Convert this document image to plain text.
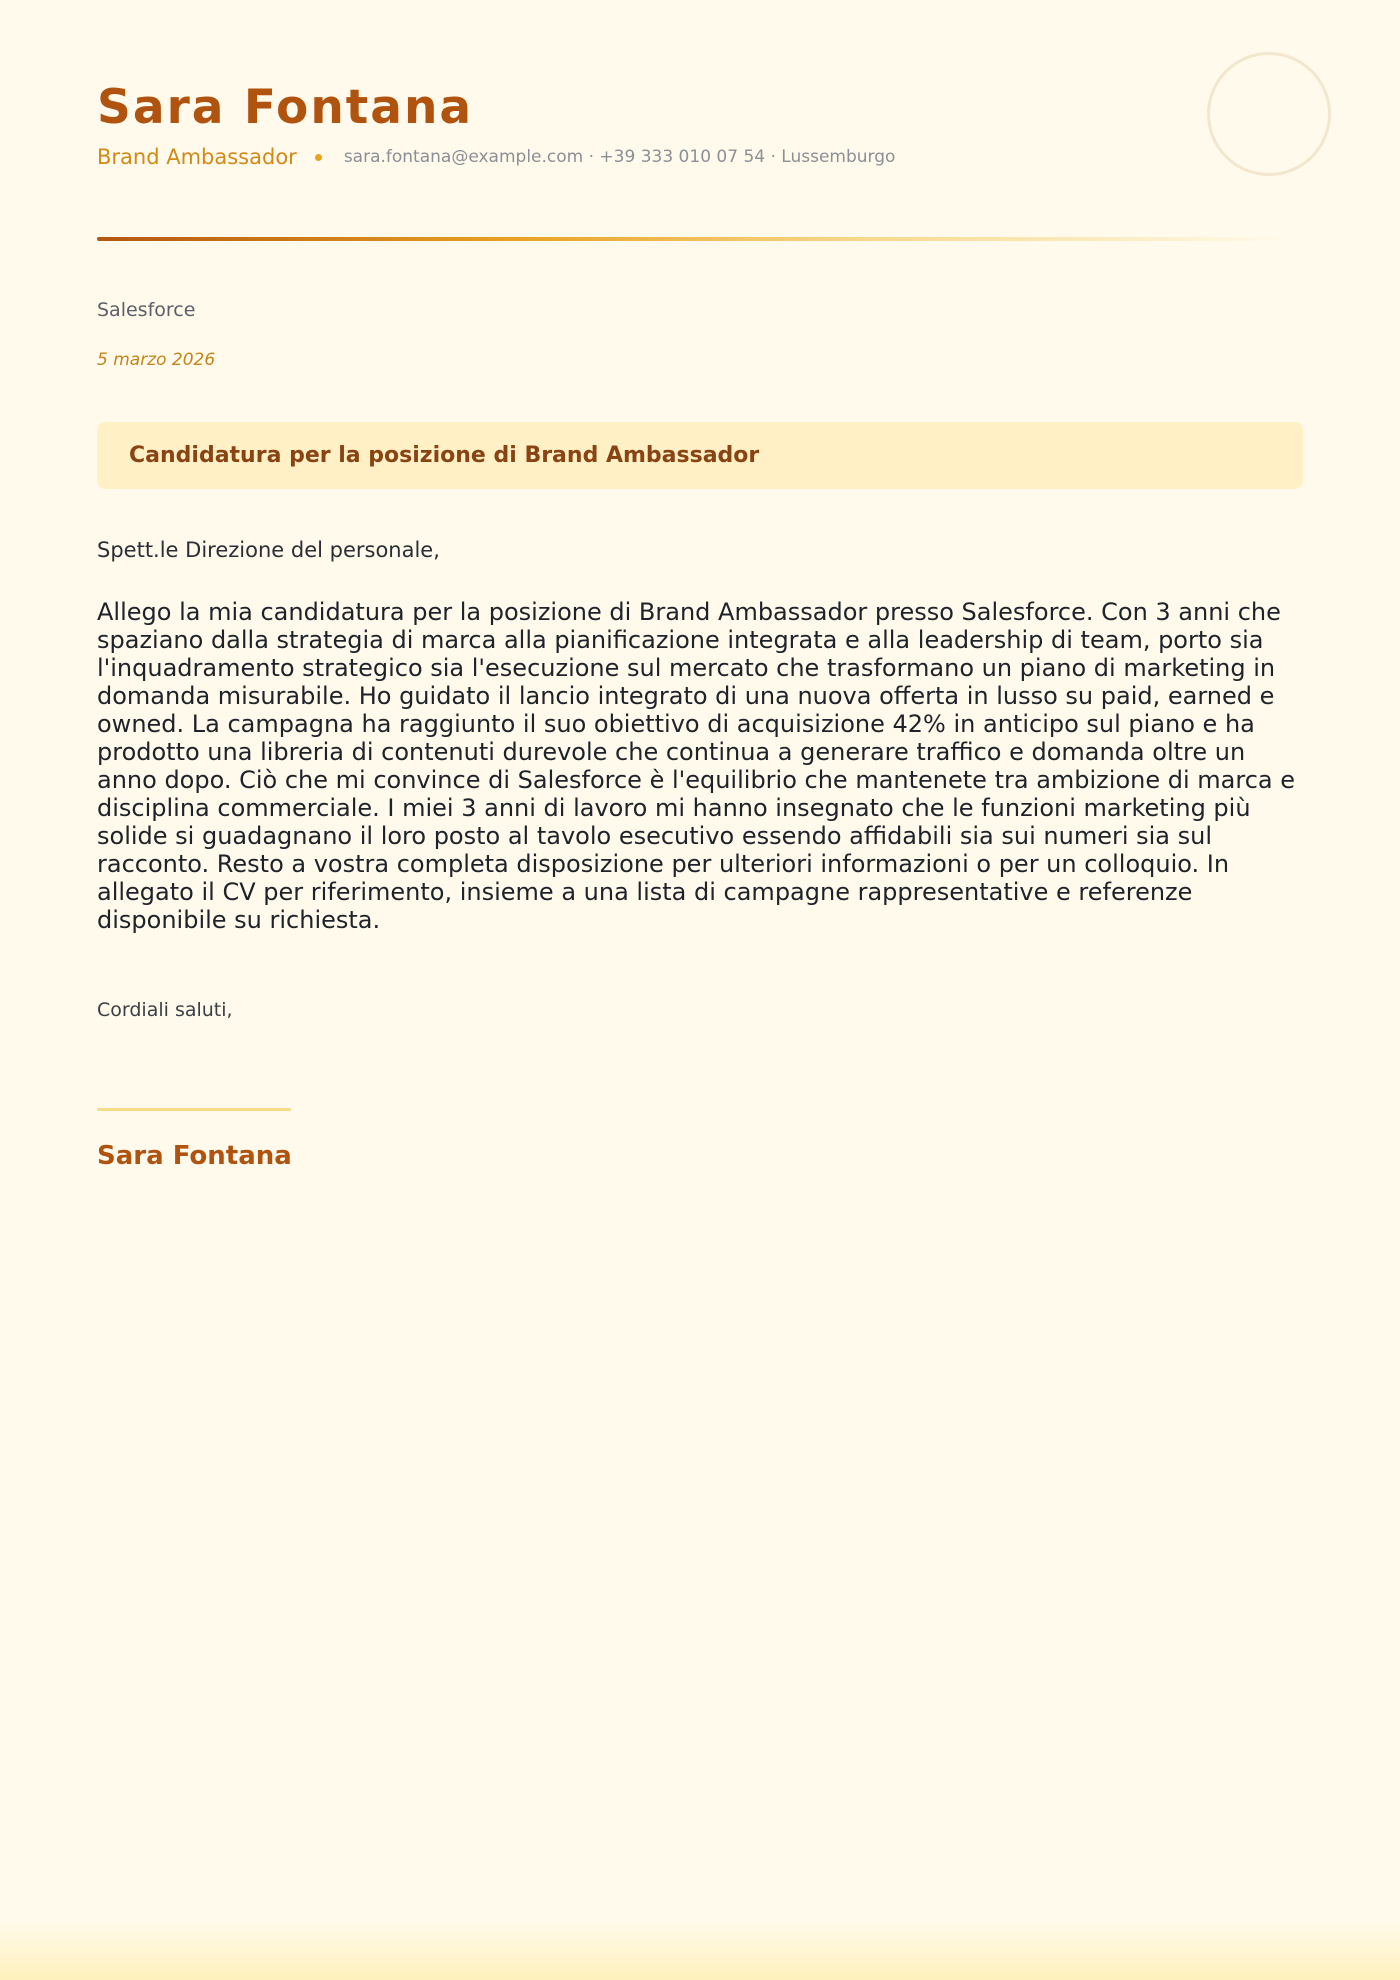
Sara Fontana
Brand Ambassador	sara.fontana@example.com · +39 333 010 07 54 · Lussemburgo
Salesforce
5 marzo 2026
Candidatura per la posizione di Brand Ambassador
Spett.le Direzione del personale,
Allego la mia candidatura per la posizione di Brand Ambassador presso Salesforce. Con 3 anni che spaziano dalla strategia di marca alla pianificazione integrata e alla leadership di team, porto sia l'inquadramento strategico sia l'esecuzione sul mercato che trasformano un piano di marketing in domanda misurabile. Ho guidato il lancio integrato di una nuova offerta in lusso su paid, earned e owned. La campagna ha raggiunto il suo obiettivo di acquisizione 42% in anticipo sul piano e ha prodotto una libreria di contenuti durevole che continua a generare traffico e domanda oltre un anno dopo. Ciò che mi convince di Salesforce è l'equilibrio che mantenete tra ambizione di marca e disciplina commerciale. I miei 3 anni di lavoro mi hanno insegnato che le funzioni marketing più solide si guadagnano il loro posto al tavolo esecutivo essendo affidabili sia sui numeri sia sul racconto. Resto a vostra completa disposizione per ulteriori informazioni o per un colloquio. In allegato il CV per riferimento, insieme a una lista di campagne rappresentative e referenze disponibile su richiesta.
Cordiali saluti,
Sara Fontana
